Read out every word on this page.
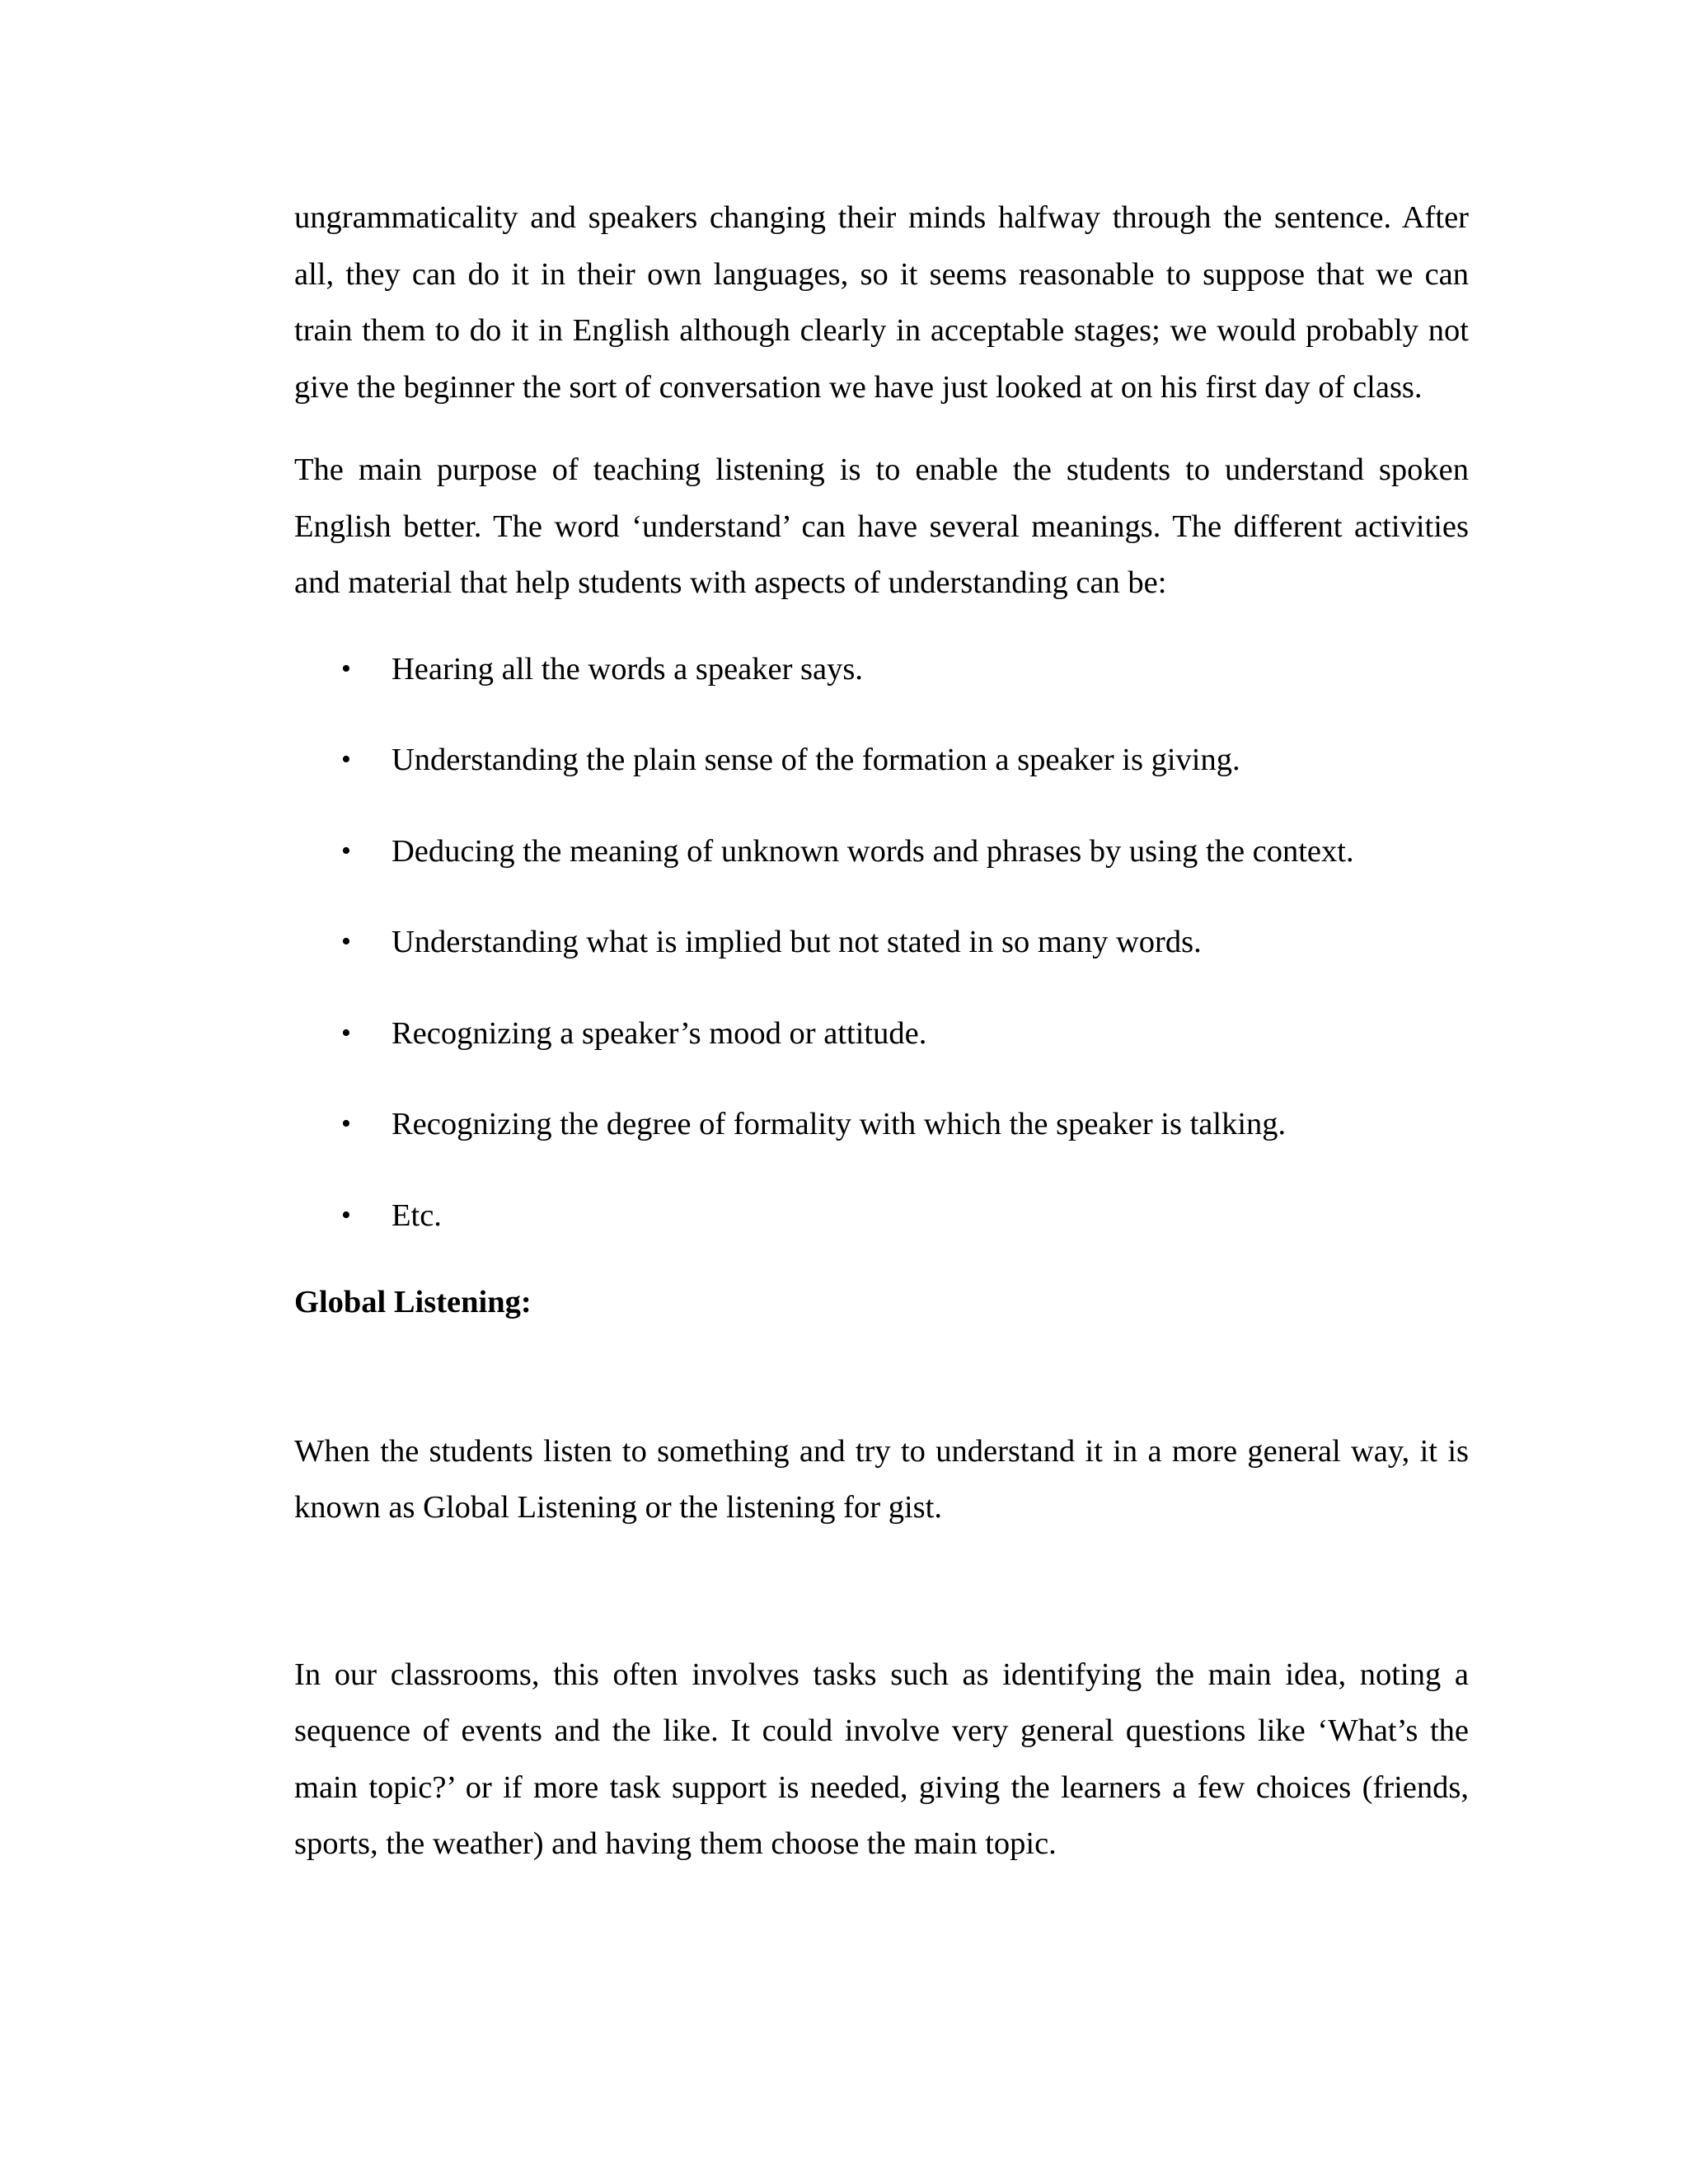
ungrammaticality and speakers changing their minds halfway through the sentence. After all, they can do it in their own languages, so it seems reasonable to suppose that we can train them to do it in English although clearly in acceptable stages; we would probably not give the beginner the sort of conversation we have just looked at on his first day of class.

The main purpose of teaching listening is to enable the students to understand spoken English better. The word ‘understand’ can have several meanings. The different activities and material that help students with aspects of understanding can be:

• Hearing all the words a speaker says.
• Understanding the plain sense of the formation a speaker is giving.
• Deducing the meaning of unknown words and phrases by using the context.
• Understanding what is implied but not stated in so many words.
• Recognizing a speaker’s mood or attitude.
• Recognizing the degree of formality with which the speaker is talking.
• Etc.
Global Listening:

When the students listen to something and try to understand it in a more general way, it is known as Global Listening or the listening for gist.

In our classrooms, this often involves tasks such as identifying the main idea, noting a sequence of events and the like. It could involve very general questions like ‘What’s the main topic?’ or if more task support is needed, giving the learners a few choices (friends, sports, the weather) and having them choose the main topic.
